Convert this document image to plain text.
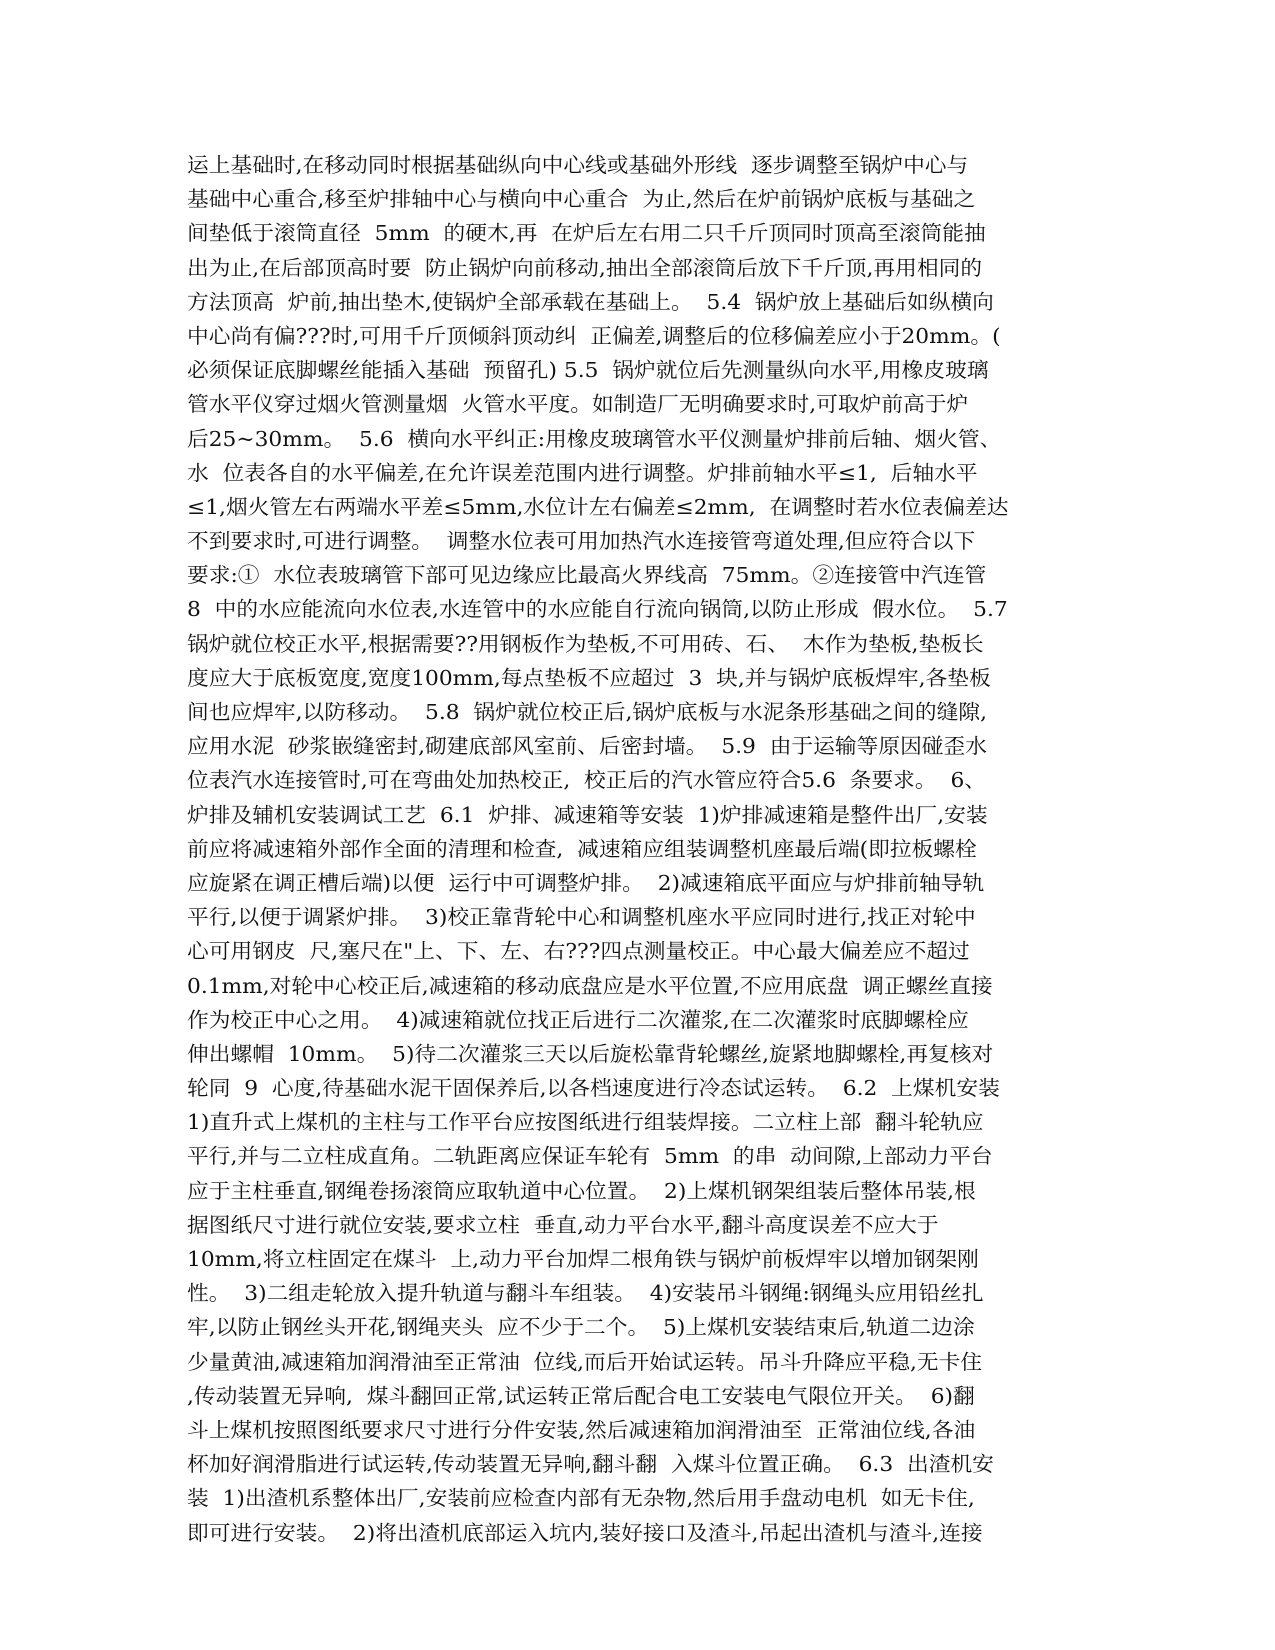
运上基础时,在移动同时根据基础纵向中心线或基础外形线  逐步调整至锅炉中心与
基础中心重合,移至炉排轴中心与横向中心重合  为止,然后在炉前锅炉底板与基础之
间垫低于滚筒直径  5mm  的硬木,再  在炉后左右用二只千斤顶同时顶高至滚筒能抽
出为止,在后部顶高时要  防止锅炉向前移动,抽出全部滚筒后放下千斤顶,再用相同的
方法顶高  炉前,抽出垫木,使锅炉全部承载在基础上。  5.4  锅炉放上基础后如纵横向
中心尚有偏???时,可用千斤顶倾斜顶动纠  正偏差,调整后的位移偏差应小于20mm。(
必须保证底脚螺丝能插入基础  预留孔) 5.5  锅炉就位后先测量纵向水平,用橡皮玻璃
管水平仪穿过烟火管测量烟  火管水平度。如制造厂无明确要求时,可取炉前高于炉
后25~30mm。  5.6  横向水平纠正:用橡皮玻璃管水平仪测量炉排前后轴、烟火管、
水  位表各自的水平偏差,在允许误差范围内进行调整。炉排前轴水平≤1,  后轴水平
≤1,烟火管左右两端水平差≤5mm,水位计左右偏差≤2mm,  在调整时若水位表偏差达
不到要求时,可进行调整。  调整水位表可用加热汽水连接管弯道处理,但应符合以下
要求:①  水位表玻璃管下部可见边缘应比最高火界线高  75mm。②连接管中汽连管
8  中的水应能流向水位表,水连管中的水应能自行流向锅筒,以防止形成  假水位。  5.7
锅炉就位校正水平,根据需要??用钢板作为垫板,不可用砖、石、  木作为垫板,垫板长
度应大于底板宽度,宽度100mm,每点垫板不应超过  3  块,并与锅炉底板焊牢,各垫板
间也应焊牢,以防移动。  5.8  锅炉就位校正后,锅炉底板与水泥条形基础之间的缝隙,
应用水泥  砂浆嵌缝密封,砌建底部风室前、后密封墙。  5.9  由于运输等原因碰歪水
位表汽水连接管时,可在弯曲处加热校正,  校正后的汽水管应符合5.6  条要求。  6、
炉排及辅机安装调试工艺  6.1  炉排、减速箱等安装  1)炉排减速箱是整件出厂,安装
前应将减速箱外部作全面的清理和检查,  减速箱应组装调整机座最后端(即拉板螺栓
应旋紧在调正槽后端)以便  运行中可调整炉排。  2)减速箱底平面应与炉排前轴导轨
平行,以便于调紧炉排。  3)校正靠背轮中心和调整机座水平应同时进行,找正对轮中
心可用钢皮  尺,塞尺在"上、下、左、右???四点测量校正。中心最大偏差应不超过
0.1mm,对轮中心校正后,减速箱的移动底盘应是水平位置,不应用底盘  调正螺丝直接
作为校正中心之用。  4)减速箱就位找正后进行二次灌浆,在二次灌浆时底脚螺栓应
伸出螺帽  10mm。  5)待二次灌浆三天以后旋松靠背轮螺丝,旋紧地脚螺栓,再复核对
轮同  9  心度,待基础水泥干固保养后,以各档速度进行冷态试运转。  6.2  上煤机安装
1)直升式上煤机的主柱与工作平台应按图纸进行组装焊接。二立柱上部  翻斗轮轨应
平行,并与二立柱成直角。二轨距离应保证车轮有  5mm  的串  动间隙,上部动力平台
应于主柱垂直,钢绳卷扬滚筒应取轨道中心位置。  2)上煤机钢架组装后整体吊装,根
据图纸尺寸进行就位安装,要求立柱  垂直,动力平台水平,翻斗高度误差不应大于
10mm,将立柱固定在煤斗  上,动力平台加焊二根角铁与锅炉前板焊牢以增加钢架刚
性。  3)二组走轮放入提升轨道与翻斗车组装。  4)安装吊斗钢绳:钢绳头应用铅丝扎
牢,以防止钢丝头开花,钢绳夹头  应不少于二个。  5)上煤机安装结束后,轨道二边涂
少量黄油,减速箱加润滑油至正常油  位线,而后开始试运转。吊斗升降应平稳,无卡住
,传动装置无异响,  煤斗翻回正常,试运转正常后配合电工安装电气限位开关。  6)翻
斗上煤机按照图纸要求尺寸进行分件安装,然后减速箱加润滑油至  正常油位线,各油
杯加好润滑脂进行试运转,传动装置无异响,翻斗翻  入煤斗位置正确。  6.3  出渣机安
装  1)出渣机系整体出厂,安装前应检查内部有无杂物,然后用手盘动电机  如无卡住,
即可进行安装。  2)将出渣机底部运入坑内,装好接口及渣斗,吊起出渣机与渣斗,连接
